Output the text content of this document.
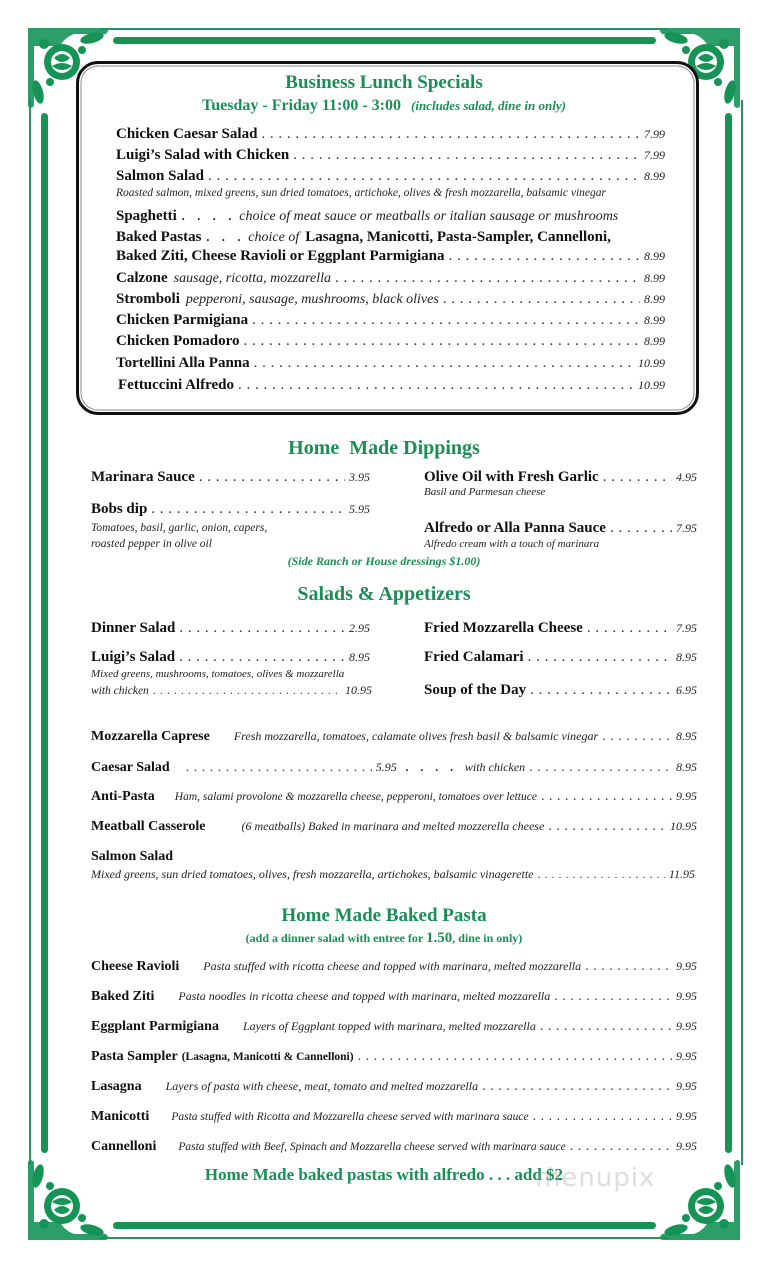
Business Lunch Specials
Tuesday - Friday 11:00 - 3:00 (includes salad, dine in only)
Chicken Caesar Salad . . .	7.99
Luigi’s Salad with Chicken . . .	7.99
Salmon Salad . . .	8.99
Roasted salmon, mixed greens, sun dried tomatoes, artichoke, olives & fresh mozzarella, balsamic vinegar
Spaghetti . . . . choice of meat sauce or meatballs or italian sausage or mushrooms
Baked Pastas . . . choice of Lasagna, Manicotti, Pasta-Sampler, Cannelloni,
Baked Ziti, Cheese Ravioli or Eggplant Parmigiana . . .	8.99
Calzone sausage, ricotta, mozzarella . . .	8.99
Stromboli pepperoni, sausage, mushrooms, black olives . . .	8.99
Chicken Parmigiana . . .	8.99
Chicken Pomadoro . . .	8.99
Tortellini Alla Panna . . .	10.99
Fettuccini Alfredo . . .	10.99
Home  Made Dippings
Marinara Sauce . . .	3.95
Bobs dip . . .	5.95
Tomatoes, basil, garlic, onion, capers,
roasted pepper in olive oil
Olive Oil with Fresh Garlic . . .	4.95
Basil and Parmesan cheese
Alfredo or Alla Panna Sauce . . .	7.95
Alfredo cream with a touch of marinara
(Side Ranch or House dressings $1.00)
Salads & Appetizers
Dinner Salad . . .	2.95
Luigi’s Salad . . .	8.95
Mixed greens, mushrooms, tomatoes, olives & mozzarella
with chicken . . .	10.95
Fried Mozzarella Cheese . . .	7.95
Fried Calamari . . .	8.95
Soup of the Day . . .	6.95
Mozzarella Caprese Fresh mozzarella, tomatoes, calamate olives fresh basil & balsamic vinegar . . .	8.95
Caesar Salad . . .	5.95 . . . . with chicken . . .	8.95
Anti-Pasta Ham, salami provolone & mozzarella cheese, pepperoni, tomatoes over lettuce . . .	9.95
Meatball Casserole	(6 meatballs) Baked in marinara and melted mozzerella cheese . . .	10.95
Salmon Salad
Mixed greens, sun dried tomatoes, olives, fresh mozzarella, artichokes, balsamic vinagerette . . .	11.95
Home Made Baked Pasta
(add a dinner salad with entree for 1.50, dine in only)
Cheese Ravioli Pasta stuffed with ricotta cheese and topped with marinara, melted mozzarella . . .	9.95
Baked Ziti Pasta noodles in ricotta cheese and topped with marinara, melted mozzarella . . .	9.95
Eggplant Parmigiana Layers of Eggplant topped with marinara, melted mozzarella . . .	9.95
Pasta Sampler (Lasagna, Manicotti & Cannelloni) . . .	9.95
Lasagna Layers of pasta with cheese, meat, tomato and melted mozzarella . . .	9.95
Manicotti Pasta stuffed with Ricotta and Mozzarella cheese served with marinara sauce . . .	9.95
Cannelloni Pasta stuffed with Beef, Spinach and Mozzarella cheese served with marinara sauce . . .	9.95
Home Made baked pastas with alfredo . . . add $2
menupix
